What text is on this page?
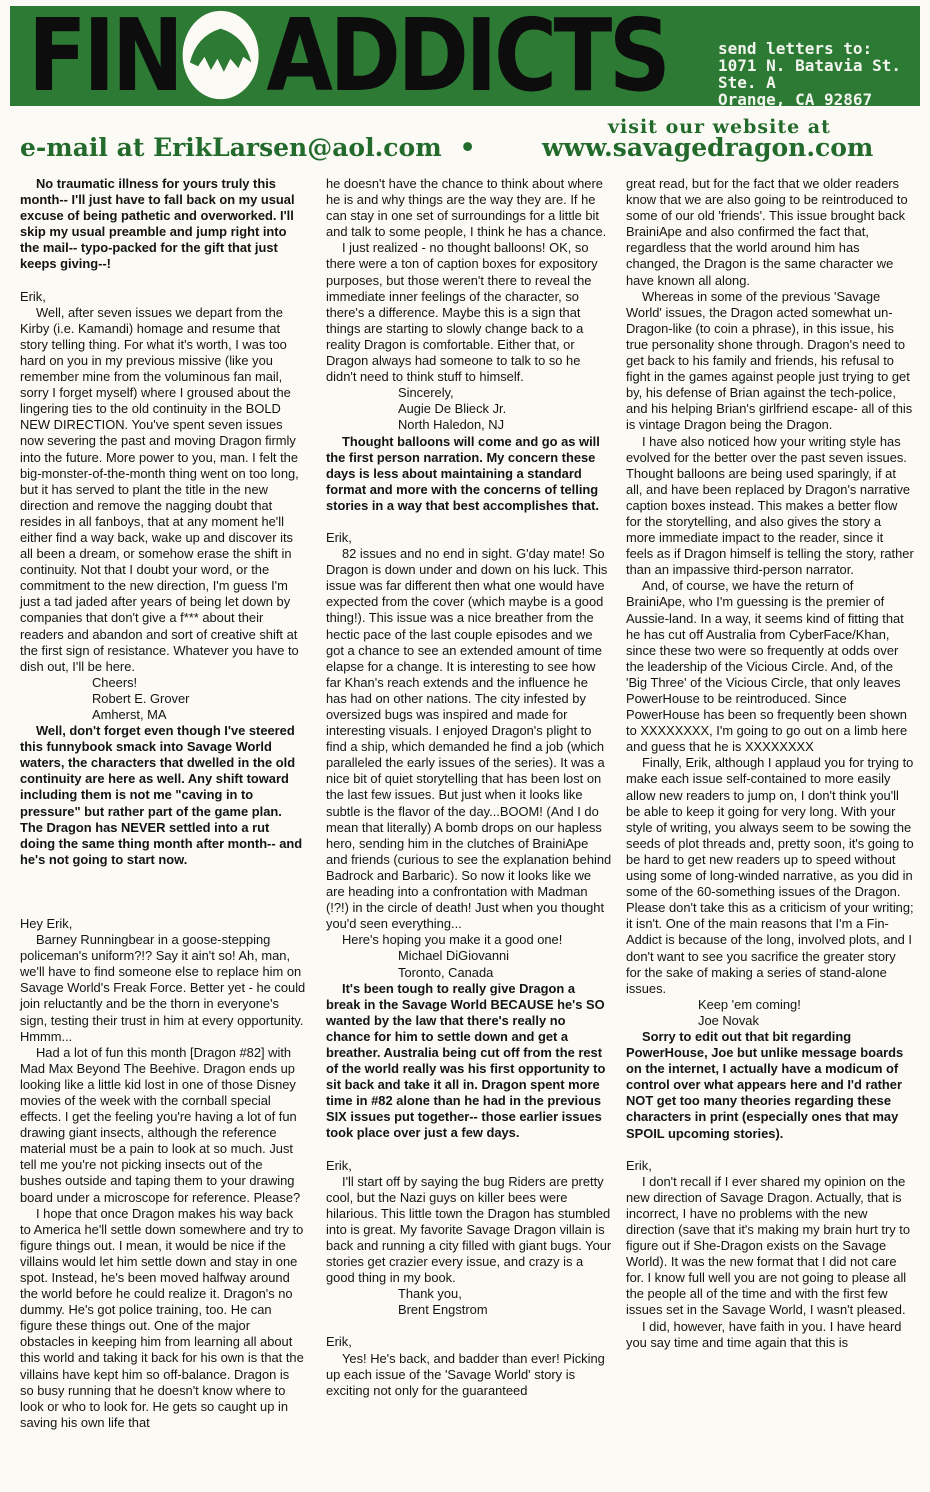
FIN ADDICTS	send letters to:
1071 N. Batavia St.
Ste. A
Orange, CA 92867
visit our website at
e-mail at ErikLarsen@aol.com •	www.savagedragon.com

No traumatic illness for yours truly this month-- I'll just have to fall back on my usual excuse of being pathetic and overworked. I'll skip my usual preamble and jump right into the mail-- typo-packed for the gift that just keeps giving--!

Erik,

Well, after seven issues we depart from the Kirby (i.e. Kamandi) homage and resume that story telling thing. For what it's worth, I was too hard on you in my previous missive (like you remember mine from the voluminous fan mail, sorry I forget myself) where I groused about the lingering ties to the old continuity in the BOLD NEW DIRECTION. You've spent seven issues now severing the past and moving Dragon firmly into the future. More power to you, man. I felt the big-monster-of-the-month thing went on too long, but it has served to plant the title in the new direction and remove the nagging doubt that resides in all fanboys, that at any moment he'll either find a way back, wake up and discover its all been a dream, or somehow erase the shift in continuity. Not that I doubt your word, or the commitment to the new direction, I'm guess I'm just a tad jaded after years of being let down by companies that don't give a f*** about their readers and abandon and sort of creative shift at the first sign of resistance. Whatever you have to dish out, I'll be here.

Cheers!

Robert E. Grover

Amherst, MA

Well, don't forget even though I've steered this funnybook smack into Savage World waters, the characters that dwelled in the old continuity are here as well. Any shift toward including them is not me "caving in to pressure" but rather part of the game plan. The Dragon has NEVER settled into a rut doing the same thing month after month-- and he's not going to start now.

Hey Erik,

Barney Runningbear in a goose-stepping policeman's uniform?!? Say it ain't so! Ah, man, we'll have to find someone else to replace him on Savage World's Freak Force. Better yet - he could join reluctantly and be the thorn in everyone's sign, testing their trust in him at every opportunity. Hmmm...

Had a lot of fun this month [Dragon #82] with Mad Max Beyond The Beehive. Dragon ends up looking like a little kid lost in one of those Disney movies of the week with the cornball special effects. I get the feeling you're having a lot of fun drawing giant insects, although the reference material must be a pain to look at so much. Just tell me you're not picking insects out of the bushes outside and taping them to your drawing board under a microscope for reference. Please?

I hope that once Dragon makes his way back to America he'll settle down somewhere and try to figure things out. I mean, it would be nice if the villains would let him settle down and stay in one spot. Instead, he's been moved halfway around the world before he could realize it. Dragon's no dummy. He's got police training, too. He can figure these things out. One of the major obstacles in keeping him from learning all about this world and taking it back for his own is that the villains have kept him so off-balance. Dragon is so busy running that he doesn't know where to look or who to look for. He gets so caught up in saving his own life that

he doesn't have the chance to think about where he is and why things are the way they are. If he can stay in one set of surroundings for a little bit and talk to some people, I think he has a chance.

I just realized - no thought balloons! OK, so there were a ton of caption boxes for expository purposes, but those weren't there to reveal the immediate inner feelings of the character, so there's a difference. Maybe this is a sign that things are starting to slowly change back to a reality Dragon is comfortable. Either that, or Dragon always had someone to talk to so he didn't need to think stuff to himself.

Sincerely,

Augie De Blieck Jr.

North Haledon, NJ

Thought balloons will come and go as will the first person narration. My concern these days is less about maintaining a standard format and more with the concerns of telling stories in a way that best accomplishes that.

Erik,

82 issues and no end in sight. G'day mate! So Dragon is down under and down on his luck. This issue was far different then what one would have expected from the cover (which maybe is a good thing!). This issue was a nice breather from the hectic pace of the last couple episodes and we got a chance to see an extended amount of time elapse for a change. It is interesting to see how far Khan's reach extends and the influence he has had on other nations. The city infested by oversized bugs was inspired and made for interesting visuals. I enjoyed Dragon's plight to find a ship, which demanded he find a job (which paralleled the early issues of the series). It was a nice bit of quiet storytelling that has been lost on the last few issues. But just when it looks like subtle is the flavor of the day...BOOM! (And I do mean that literally) A bomb drops on our hapless hero, sending him in the clutches of BrainiApe and friends (curious to see the explanation behind Badrock and Barbaric). So now it looks like we are heading into a confrontation with Madman (!?!) in the circle of death! Just when you thought you'd seen everything...

Here's hoping you make it a good one!

Michael DiGiovanni

Toronto, Canada

It's been tough to really give Dragon a break in the Savage World BECAUSE he's SO wanted by the law that there's really no chance for him to settle down and get a breather. Australia being cut off from the rest of the world really was his first opportunity to sit back and take it all in. Dragon spent more time in #82 alone than he had in the previous SIX issues put together-- those earlier issues took place over just a few days.

Erik,

I'll start off by saying the bug Riders are pretty cool, but the Nazi guys on killer bees were hilarious. This little town the Dragon has stumbled into is great. My favorite Savage Dragon villain is back and running a city filled with giant bugs. Your stories get crazier every issue, and crazy is a good thing in my book.

Thank you,

Brent Engstrom

Erik,

Yes! He's back, and badder than ever! Picking up each issue of the 'Savage World' story is exciting not only for the guaranteed

great read, but for the fact that we older readers know that we are also going to be reintroduced to some of our old 'friends'. This issue brought back BrainiApe and also confirmed the fact that, regardless that the world around him has changed, the Dragon is the same character we have known all along.

Whereas in some of the previous 'Savage World' issues, the Dragon acted somewhat un-Dragon-like (to coin a phrase), in this issue, his true personality shone through. Dragon's need to get back to his family and friends, his refusal to fight in the games against people just trying to get by, his defense of Brian against the tech-police, and his helping Brian's girlfriend escape- all of this is vintage Dragon being the Dragon.

I have also noticed how your writing style has evolved for the better over the past seven issues. Thought balloons are being used sparingly, if at all, and have been replaced by Dragon's narrative caption boxes instead. This makes a better flow for the storytelling, and also gives the story a more immediate impact to the reader, since it feels as if Dragon himself is telling the story, rather than an impassive third-person narrator.

And, of course, we have the return of BrainiApe, who I'm guessing is the premier of Aussie-land. In a way, it seems kind of fitting that he has cut off Australia from CyberFace/Khan, since these two were so frequently at odds over the leadership of the Vicious Circle. And, of the 'Big Three' of the Vicious Circle, that only leaves PowerHouse to be reintroduced. Since PowerHouse has been so frequently been shown to XXXXXXXX, I'm going to go out on a limb here and guess that he is XXXXXXXX

Finally, Erik, although I applaud you for trying to make each issue self-contained to more easily allow new readers to jump on, I don't think you'll be able to keep it going for very long. With your style of writing, you always seem to be sowing the seeds of plot threads and, pretty soon, it's going to be hard to get new readers up to speed without using some of long-winded narrative, as you did in some of the 60-something issues of the Dragon. Please don't take this as a criticism of your writing; it isn't. One of the main reasons that I'm a Fin-Addict is because of the long, involved plots, and I don't want to see you sacrifice the greater story for the sake of making a series of stand-alone issues.

Keep 'em coming!

Joe Novak

Sorry to edit out that bit regarding PowerHouse, Joe but unlike message boards on the internet, I actually have a modicum of control over what appears here and I'd rather NOT get too many theories regarding these characters in print (especially ones that may SPOIL upcoming stories).

Erik,

I don't recall if I ever shared my opinion on the new direction of Savage Dragon. Actually, that is incorrect, I have no problems with the new direction (save that it's making my brain hurt try to figure out if She-Dragon exists on the Savage World). It was the new format that I did not care for. I know full well you are not going to please all the people all of the time and with the first few issues set in the Savage World, I wasn't pleased.

I did, however, have faith in you. I have heard you say time and time again that this is
